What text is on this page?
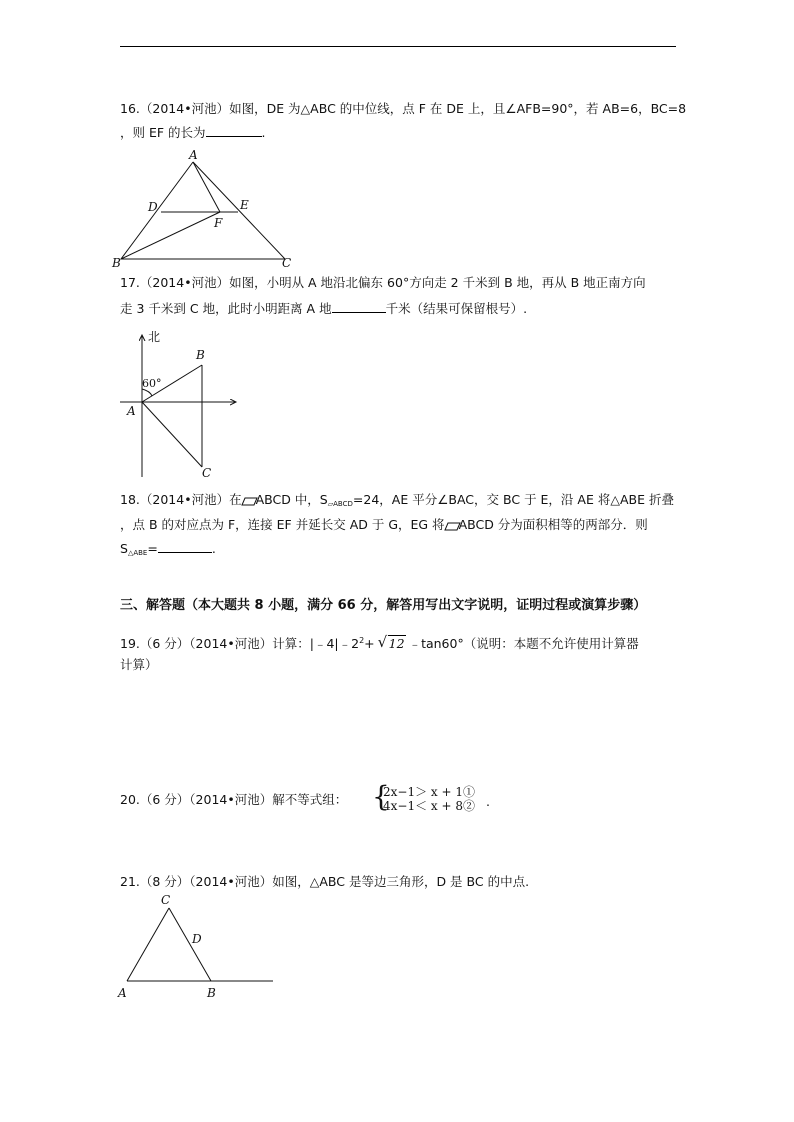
16.（2014•河池）如图，DE 为△ABC 的中位线，点 F 在 DE 上，且∠AFB=90°，若 AB=6，BC=8
，则 EF 的长为	.
A
D	E
F
B	C
17.（2014•河池）如图，小明从 A 地沿北偏东 60°方向走 2 千米到 B 地，再从 B 地正南方向
走 3 千米到 C 地，此时小明距离 A 地	千米（结果可保留根号）.
北
60°
A
B
C
18.（2014•河池）在 ABCD 中，$S_{▱ABCD}=24$，AE 平分∠BAC，交 BC 于 E，沿 AE 将△ABE 折叠
，点 B 的对应点为 F，连接 EF 并延长交 AD 于 G，EG 将 ABCD 分为面积相等的两部分．则
$S_{\triangle ABE}=$	.
三、解答题（本大题共 8 小题，满分 66 分，解答用写出文字说明，证明过程或演算步骤）
19.（6 分）（2014•河池）计算：$|﹣4|﹣2^2+$ √ 12 ﹣tan60°（说明：本题不允许使用计算器
计算）
20.（6 分）（2014•河池）解不等式组： {
2x−1＞ x + 1①
4x−1＜ x + 8② .
21.（8 分）（2014•河池）如图，△ABC 是等边三角形，D 是 BC 的中点.
C
D
A	B
